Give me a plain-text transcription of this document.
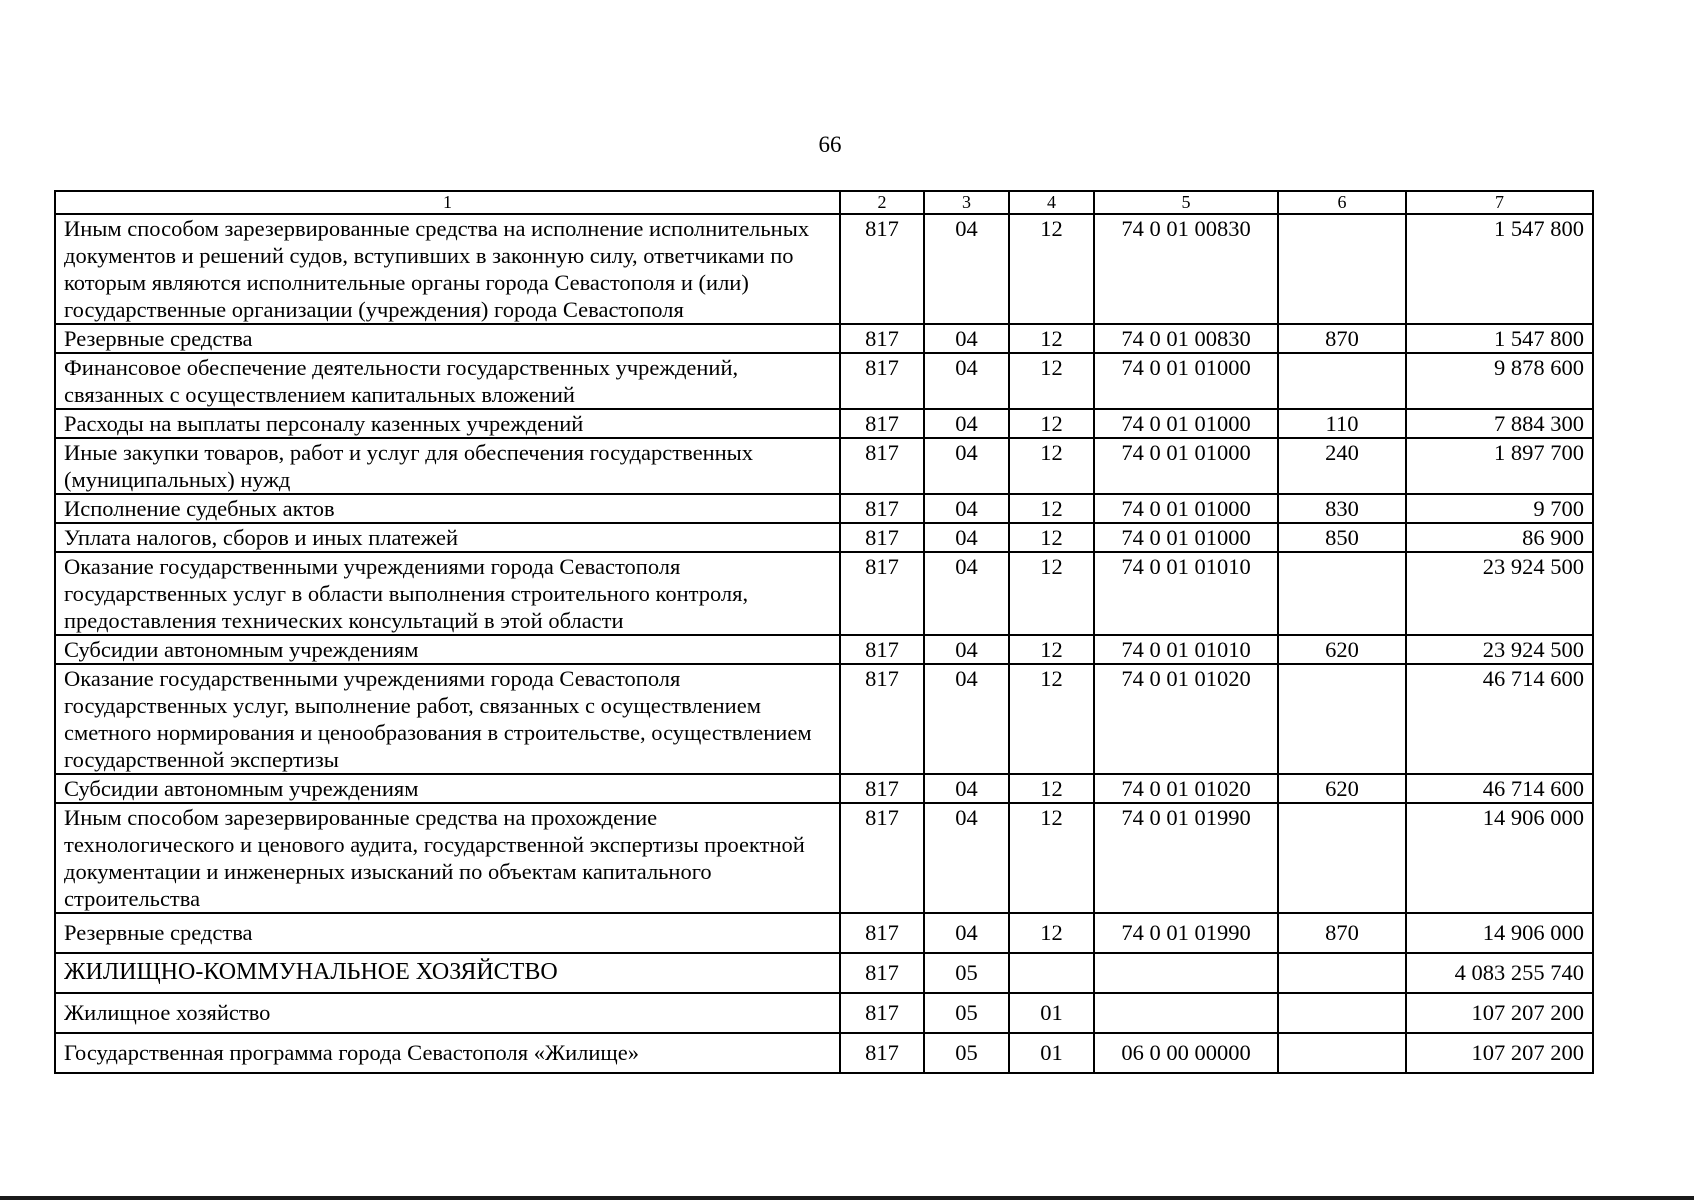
66
1	2	3	4	5	6	7
Иным способом зарезервированные средства на исполнение исполнительных документов и решений судов, вступивших в законную силу, ответчиками по которым являются исполнительные органы города Севастополя и (или) государственные организации (учреждения) города Севастополя	817	04	12	74 0 01 00830		1 547 800
Резервные средства	817	04	12	74 0 01 00830	870	1 547 800
Финансовое обеспечение деятельности государственных учреждений, связанных с осуществлением капитальных вложений	817	04	12	74 0 01 01000		9 878 600
Расходы на выплаты персоналу казенных учреждений	817	04	12	74 0 01 01000	110	7 884 300
Иные закупки товаров, работ и услуг для обеспечения государственных (муниципальных) нужд	817	04	12	74 0 01 01000	240	1 897 700
Исполнение судебных актов	817	04	12	74 0 01 01000	830	9 700
Уплата налогов, сборов и иных платежей	817	04	12	74 0 01 01000	850	86 900
Оказание государственными учреждениями города Севастополя государственных услуг в области выполнения строительного контроля, предоставления технических консультаций в этой области	817	04	12	74 0 01 01010		23 924 500
Субсидии автономным учреждениям	817	04	12	74 0 01 01010	620	23 924 500
Оказание государственными учреждениями города Севастополя государственных услуг, выполнение работ, связанных с осуществлением сметного нормирования и ценообразования в строительстве, осуществлением государственной экспертизы	817	04	12	74 0 01 01020		46 714 600
Субсидии автономным учреждениям	817	04	12	74 0 01 01020	620	46 714 600
Иным способом зарезервированные средства на прохождение технологического и ценового аудита, государственной экспертизы проектной документации и инженерных изысканий по объектам капитального строительства	817	04	12	74 0 01 01990		14 906 000
Резервные средства	817	04	12	74 0 01 01990	870	14 906 000
ЖИЛИЩНО-КОММУНАЛЬНОЕ ХОЗЯЙСТВО	817	05				4 083 255 740
Жилищное хозяйство	817	05	01			107 207 200
Государственная программа города Севастополя «Жилище»	817	05	01	06 0 00 00000		107 207 200
